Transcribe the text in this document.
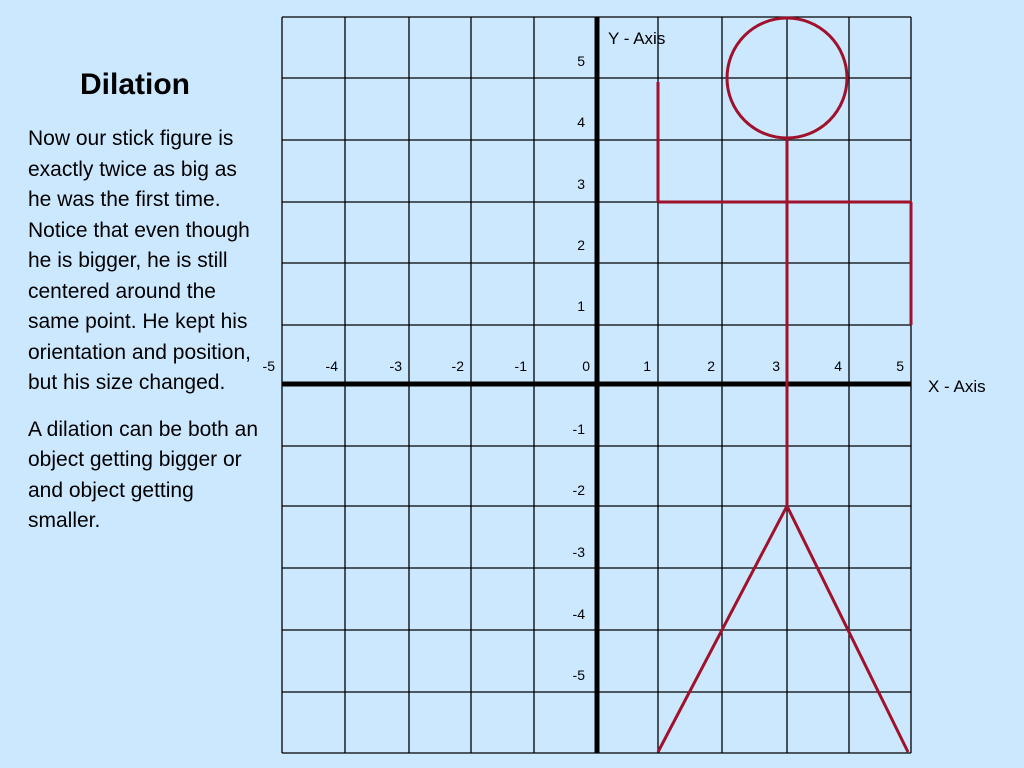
Dilation

Now our stick figure is exactly twice as big as he was the first time. Notice that even though he is bigger, he is still centered around the same point. He kept his orientation and position, but his size changed.

A dilation can be both an object getting bigger or and object getting smaller.

-5	-4	-3	-2	-1	0	1	2	3	4	5
5
4
3
2
1
-1
-2
-3
-4
-5
Y - Axis
X - Axis
